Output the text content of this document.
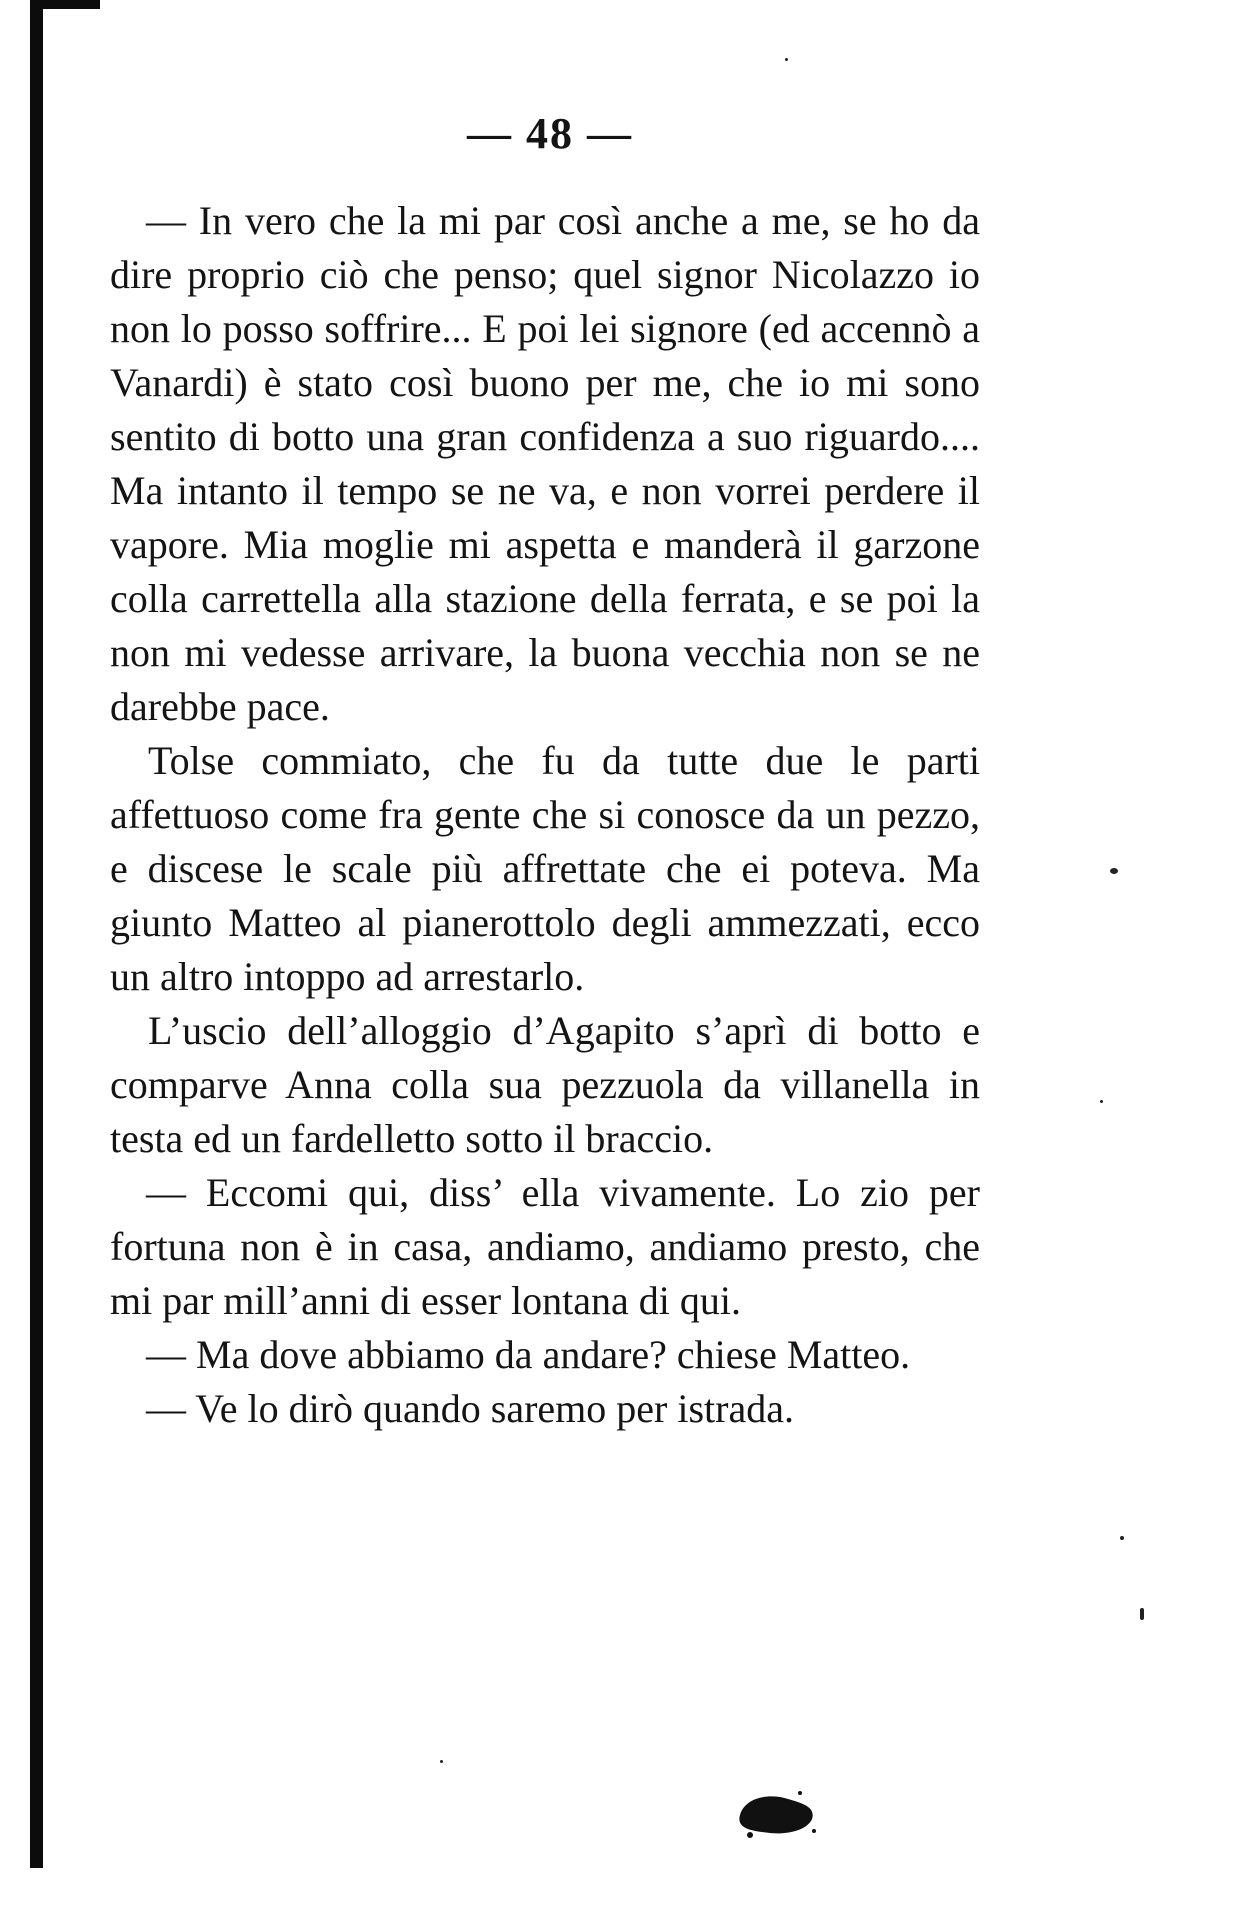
— 48 —

— In vero che la mi par così anche a me, se ho da dire proprio ciò che penso; quel signor Nicolazzo io non lo posso soffrire... E poi lei signore (ed accennò a Vanardi) è stato così buono per me, che io mi sono sentito di botto una gran confidenza a suo riguardo.... Ma intanto il tempo se ne va, e non vorrei perdere il vapore. Mia moglie mi aspetta e manderà il garzone colla carrettella alla stazione della ferrata, e se poi la non mi vedesse arrivare, la buona vecchia non se ne darebbe pace.

Tolse commiato, che fu da tutte due le parti affettuoso come fra gente che si conosce da un pezzo, e discese le scale più affrettate che ei poteva. Ma giunto Matteo al pianerottolo degli ammezzati, ecco un altro intoppo ad arrestarlo.

L’uscio dell’alloggio d’Agapito s’aprì di botto e comparve Anna colla sua pezzuola da villanella in testa ed un fardelletto sotto il braccio.

— Eccomi qui, diss’ ella vivamente. Lo zio per fortuna non è in casa, andiamo, andiamo presto, che mi par mill’anni di esser lontana di qui.

— Ma dove abbiamo da andare? chiese Matteo.

— Ve lo dirò quando saremo per istrada.
